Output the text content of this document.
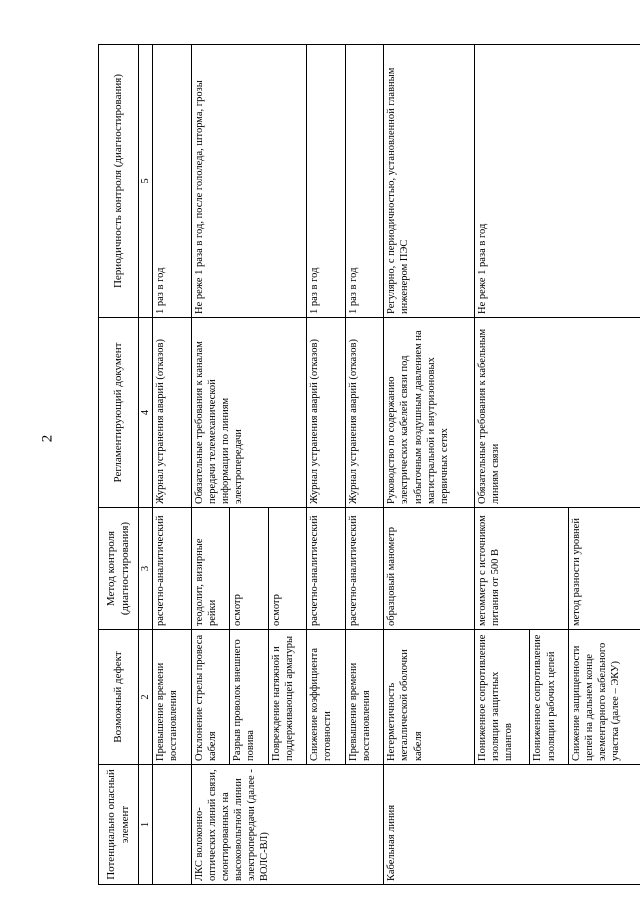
2
Потенциально опасный элемент	Возможный дефект	Метод контроля (диагностирования)	Регламентирующий документ	Периодичность контроля (диагностирования)
1	2	3	4	5
	Превышение времени восстановления	расчетно-аналитический	Журнал устранения аварий (отказов)	1 раз в год
ЛКС волоконно-оптических линий связи, смонтированных на высоковольтной линии электропередачи (далее - ВОЛС-ВЛ)	Отклонение стрелы провеса кабеля	теодолит, визирные рейки	Обязательные требования к каналам передачи телемеханической информации по линиям электропередачи	Не реже 1 раза в год, после гололеда, шторма, грозы
	Разрыв проволок внешнего повива	осмотр		
	Повреждение натяжной и поддерживающей арматуры	осмотр		
	Снижение коэффициента готовности	расчетно-аналитический	Журнал устранения аварий (отказов)	1 раз в год
	Превышение времени восстановления	расчетно-аналитический	Журнал устранения аварий (отказов)	1 раз в год
Кабельная линия	Негерметичность металлической оболочки кабеля	образцовый манометр	Руководство по содержанию электрических кабелей связи под избыточным воздушным давлением на магистральной и внутризоновых первичных сетях	Регулярно, с периодичностью, установленной главным инженером ПЭС
	Пониженное сопротивление изоляции защитных шлангов	мегомметр с источником питания от 500 В	Обязательные требования к кабельным линиям связи	Не реже 1 раза в год
	Пониженное сопротивление изоляции рабочих цепей			
	Снижение защищенности цепей на дальнем конце элементарного кабельного участка (далее – ЭКУ)	метод разности уровней		
